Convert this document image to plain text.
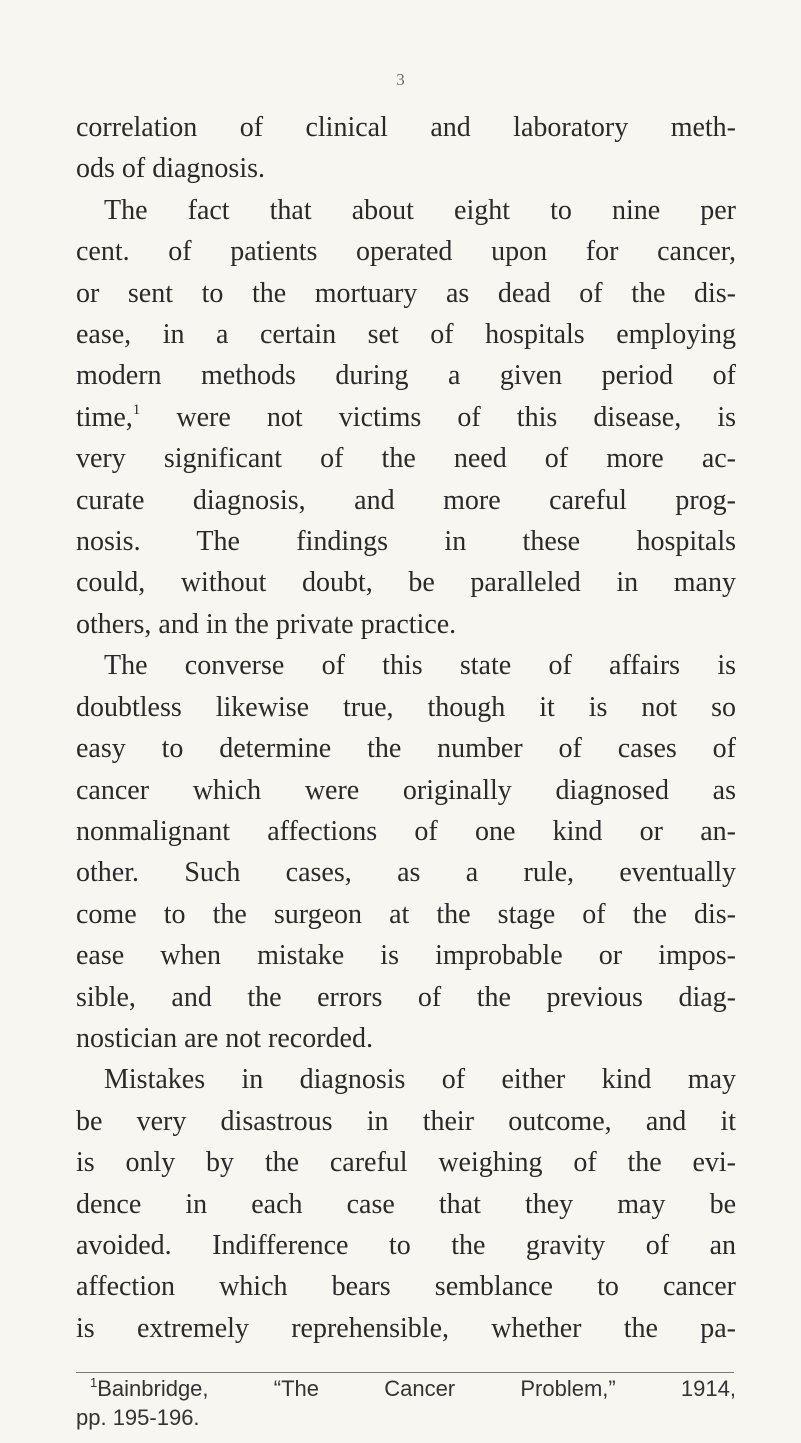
3
correlation of clinical and laboratory meth-
ods of diagnosis.
The fact that about eight to nine per
cent. of patients operated upon for cancer,
or sent to the mortuary as dead of the dis-
ease, in a certain set of hospitals employing
modern methods during a given period of
time,$^1$ were not victims of this disease, is
very significant of the need of more ac-
curate diagnosis, and more careful prog-
nosis. The findings in these hospitals
could, without doubt, be paralleled in many
others, and in the private practice.
The converse of this state of affairs is
doubtless likewise true, though it is not so
easy to determine the number of cases of
cancer which were originally diagnosed as
nonmalignant affections of one kind or an-
other. Such cases, as a rule, eventually
come to the surgeon at the stage of the dis-
ease when mistake is improbable or impos-
sible, and the errors of the previous diag-
nostician are not recorded.
Mistakes in diagnosis of either kind may
be very disastrous in their outcome, and it
is only by the careful weighing of the evi-
dence in each case that they may be
avoided. Indifference to the gravity of an
affection which bears semblance to cancer
is extremely reprehensible, whether the pa-
$^1$Bainbridge, “The Cancer Problem,” 1914,
pp. 195-196.
